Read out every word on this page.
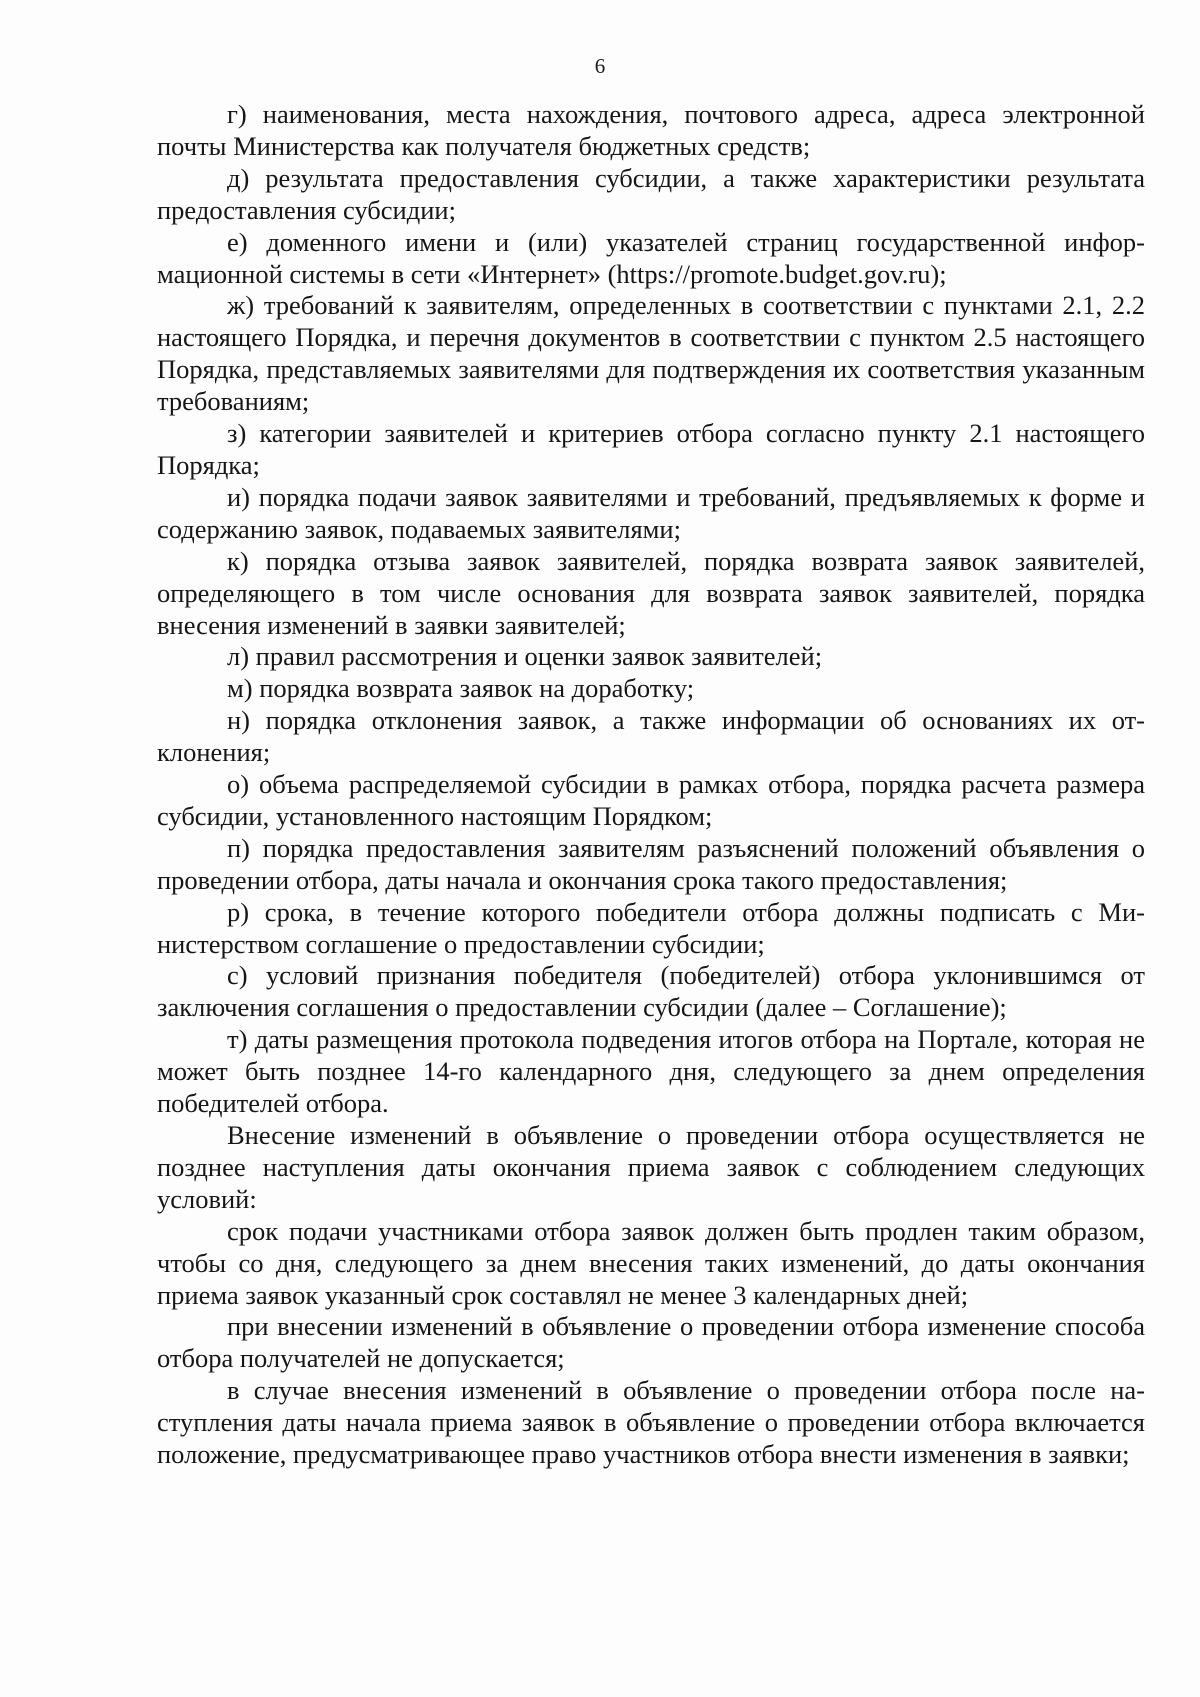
6

г) наименования, места нахождения, почтового адреса, адреса электронной почты Министерства как получателя бюджетных средств;

д) результата предоставления субсидии, а также характеристики результата предоставления субсидии;

е) доменного имени и (или) указателей страниц государственной информационной системы в сети «Интернет» (https://promote.budget.gov.ru);

ж) требований к заявителям, определенных в соответствии с пунктами 2.1, 2.2 настоящего Порядка, и перечня документов в соответствии с пунктом 2.5 настоящего Порядка, представляемых заявителями для подтверждения их соответствия указанным требованиям;

з) категории заявителей и критериев отбора согласно пункту 2.1 настоящего Порядка;

и) порядка подачи заявок заявителями и требований, предъявляемых к форме и содержанию заявок, подаваемых заявителями;

к) порядка отзыва заявок заявителей, порядка возврата заявок заявителей, определяющего в том числе основания для возврата заявок заявителей, порядка внесения изменений в заявки заявителей;

л) правил рассмотрения и оценки заявок заявителей;

м) порядка возврата заявок на доработку;

н) порядка отклонения заявок, а также информации об основаниях их отклонения;

о) объема распределяемой субсидии в рамках отбора, порядка расчета размера субсидии, установленного настоящим Порядком;

п) порядка предоставления заявителям разъяснений положений объявления о проведении отбора, даты начала и окончания срока такого предоставления;

р) срока, в течение которого победители отбора должны подписать с Министерством соглашение о предоставлении субсидии;

с) условий признания победителя (победителей) отбора уклонившимся от заключения соглашения о предоставлении субсидии (далее – Соглашение);

т) даты размещения протокола подведения итогов отбора на Портале, которая не может быть позднее 14-го календарного дня, следующего за днем определения победителей отбора.

Внесение изменений в объявление о проведении отбора осуществляется не позднее наступления даты окончания приема заявок с соблюдением следующих условий:

срок подачи участниками отбора заявок должен быть продлен таким образом, чтобы со дня, следующего за днем внесения таких изменений, до даты окончания приема заявок указанный срок составлял не менее 3 календарных дней;

при внесении изменений в объявление о проведении отбора изменение способа отбора получателей не допускается;

в случае внесения изменений в объявление о проведении отбора после наступления даты начала приема заявок в объявление о проведении отбора включается положение, предусматривающее право участников отбора внести изменения в заявки;
